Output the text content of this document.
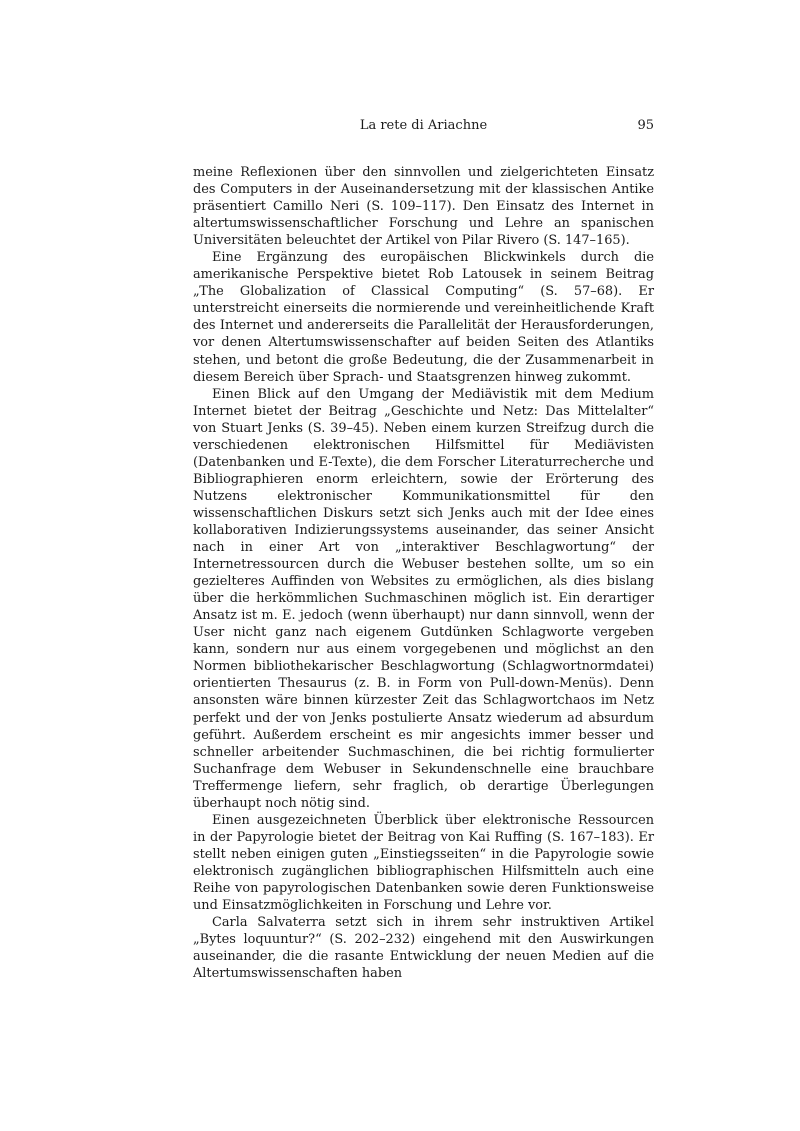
La rete di Ariachne	95

meine Reflexionen über den sinnvollen und zielgerichteten Einsatz des Computers in der Auseinandersetzung mit der klassischen Antike präsentiert Camillo Neri (S. 109–117). Den Einsatz des Internet in altertumswissenschaftlicher Forschung und Lehre an spanischen Universitäten beleuchtet der Artikel von Pilar Rivero (S. 147–165).

Eine Ergänzung des europäischen Blickwinkels durch die amerikanische Perspektive bietet Rob Latousek in seinem Beitrag „The Globalization of Classical Computing“ (S. 57–68). Er unterstreicht einerseits die normierende und vereinheitlichende Kraft des Internet und andererseits die Parallelität der Herausforderungen, vor denen Altertumswissenschafter auf beiden Seiten des Atlantiks stehen, und betont die große Bedeutung, die der Zusammenarbeit in diesem Bereich über Sprach- und Staatsgrenzen hinweg zukommt.

Einen Blick auf den Umgang der Mediävistik mit dem Medium Internet bietet der Beitrag „Geschichte und Netz: Das Mittelalter“ von Stuart Jenks (S. 39–45). Neben einem kurzen Streifzug durch die verschiedenen elektronischen Hilfsmittel für Mediävisten (Datenbanken und E-Texte), die dem Forscher Literaturrecherche und Bibliographieren enorm erleichtern, sowie der Erörterung des Nutzens elektronischer Kommunikationsmittel für den wissenschaftlichen Diskurs setzt sich Jenks auch mit der Idee eines kollaborativen Indizierungssystems auseinander, das seiner Ansicht nach in einer Art von „interaktiver Beschlagwortung“ der Internetressourcen durch die Webuser bestehen sollte, um so ein gezielteres Auffinden von Websites zu ermöglichen, als dies bislang über die herkömmlichen Suchmaschinen möglich ist. Ein derartiger Ansatz ist m. E. jedoch (wenn überhaupt) nur dann sinnvoll, wenn der User nicht ganz nach eigenem Gutdünken Schlagworte vergeben kann, sondern nur aus einem vorgegebenen und möglichst an den Normen bibliothekarischer Beschlagwortung (Schlagwortnormdatei) orientierten Thesaurus (z. B. in Form von Pull-down-Menüs). Denn ansonsten wäre binnen kürzester Zeit das Schlagwortchaos im Netz perfekt und der von Jenks postulierte Ansatz wiederum ad absurdum geführt. Außerdem erscheint es mir angesichts immer besser und schneller arbeitender Suchmaschinen, die bei richtig formulierter Suchanfrage dem Webuser in Sekundenschnelle eine brauchbare Treffermenge liefern, sehr fraglich, ob derartige Überlegungen überhaupt noch nötig sind.

Einen ausgezeichneten Überblick über elektronische Ressourcen in der Papyrologie bietet der Beitrag von Kai Ruffing (S. 167–183). Er stellt neben einigen guten „Einstiegsseiten“ in die Papyrologie sowie elektronisch zugänglichen bibliographischen Hilfsmitteln auch eine Reihe von papyrologischen Datenbanken sowie deren Funktionsweise und Einsatzmöglichkeiten in Forschung und Lehre vor.

Carla Salvaterra setzt sich in ihrem sehr instruktiven Artikel „Bytes loquuntur?“ (S. 202–232) eingehend mit den Auswirkungen auseinander, die die rasante Entwicklung der neuen Medien auf die Altertumswissenschaften haben
